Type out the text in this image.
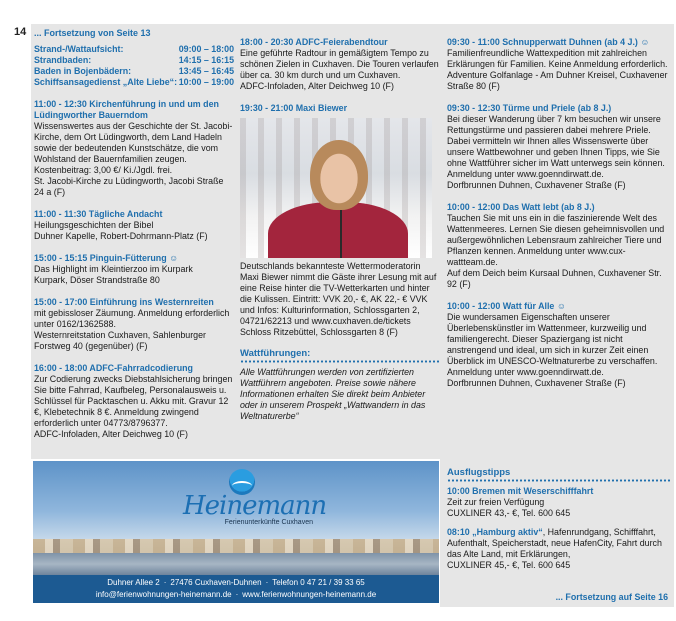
14 ... Fortsetzung von Seite 13
Strand-/Wattaufsicht:	09:00 – 18:00
Strandbaden:	14:15 – 16:15
Baden in Bojenbädern:	13:45 – 16:45
Schiffsansagedienst „Alte Liebe“: 10:00 – 19:00
11:00 - 12:30 Kirchenführung in und um den Lüdingworther Bauerndom
Wissenswertes aus der Geschichte der St. Jacobi-Kirche, dem Ort Lüdingworth, dem Land Hadeln sowie der bedeutenden Kunstschätze, die vom Wohlstand der Bauernfamilien zeugen. Kostenbeitrag: 3,00 €/ Ki./Jgdl. frei.
St. Jacobi-Kirche zu Lüdingworth, Jacobi Straße 24 a (F)
11:00 - 11:30 Tägliche Andacht
Heilungsgeschichten der Bibel
Duhner Kapelle, Robert-Dohrmann-Platz (F)
15:00 - 15:15 Pinguin-Fütterung ☺
Das Highlight im Kleintierzoo im Kurpark
Kurpark, Döser Strandstraße 80
15:00 - 17:00 Einführung ins Westernreiten
mit gebissloser Zäumung. Anmeldung erforderlich unter 0162/1362588.
Westernreitstation Cuxhaven, Sahlenburger Forstweg 40 (gegenüber) (F)
16:00 - 18:00 ADFC-Fahrradcodierung
Zur Codierung zwecks Diebstahlsicherung bringen Sie bitte Fahrrad, Kaufbeleg, Personalausweis u. Schlüssel für Packtaschen u. Akku mit. Gravur 12 €, Klebetechnik 8 €. Anmeldung zwingend erforderlich unter 04773/8796377.
ADFC-Infoladen, Alter Deichweg 10 (F)
18:00 - 20:30 ADFC-Feierabendtour
Eine geführte Radtour in gemäßigtem Tempo zu schönen Zielen in Cuxhaven. Die Touren verlaufen über ca. 30 km durch und um Cuxhaven.
ADFC-Infoladen, Alter Deichweg 10 (F)
19:30 - 21:00 Maxi Biewer
Deutschlands bekannteste Wettermoderatorin Maxi Biewer nimmt die Gäste ihrer Lesung mit auf eine Reise hinter die TV-Wetterkarten und hinter die Kulissen. Eintritt: VVK 20,- €, AK 22,- € VVK und Infos: Kulturinformation, Schlossgarten 2, 04721/62213 und www.cuxhaven.de/tickets
Schloss Ritzebüttel, Schlossgarten 8 (F)
Wattführungen:
Alle Wattführungen werden von zertifizierten Wattführern angeboten. Preise sowie nähere Informationen erhalten Sie direkt beim Anbieter oder in unserem Prospekt „Wattwandern in das Weltnaturerbe“
09:30 - 11:00 Schnupperwatt Duhnen (ab 4 J.) ☺
Familienfreundliche Wattexpedition mit zahlreichen Erklärungen für Familien. Keine Anmeldung erforderlich.
Adventure Golfanlage - Am Duhner Kreisel, Cuxhavener Straße 80 (F)
09:30 - 12:30 Türme und Priele (ab 8 J.)
Bei dieser Wanderung über 7 km besuchen wir unsere Rettungstürme und passieren dabei mehrere Priele. Dabei vermitteln wir Ihnen alles Wissenswerte über unsere Wattbewohner und geben Ihnen Tipps, wie Sie ohne Wattführer sicher im Watt unterwegs sein können. Anmeldung unter www.goenndirwatt.de.
Dorfbrunnen Duhnen, Cuxhavener Straße (F)
10:00 - 12:00 Das Watt lebt (ab 8 J.)
Tauchen Sie mit uns ein in die faszinierende Welt des Wattenmeeres. Lernen Sie diesen geheimnisvollen und außergewöhnlichen Lebensraum zahlreicher Tiere und Pflanzen kennen. Anmeldung unter www.cux-wattteam.de.
Auf dem Deich beim Kursaal Duhnen, Cuxhavener Str. 92 (F)
10:00 - 12:00 Watt für Alle ☺
Die wundersamen Eigenschaften unserer Überlebenskünstler im Wattenmeer, kurzweilig und familiengerecht. Dieser Spaziergang ist nicht anstrengend und ideal, um sich in kurzer Zeit einen Überblick im UNESCO-Weltnaturerbe zu verschaffen. Anmeldung unter www.goenndirwatt.de.
Dorfbrunnen Duhnen, Cuxhavener Straße (F)
Heinemann
Ferienunterkünfte Cuxhaven
Duhner Allee 2 · 27476 Cuxhaven-Duhnen · Telefon 0 47 21 / 39 33 65
info@ferienwohnungen-heinemann.de · www.ferienwohnungen-heinemann.de
Ausflugstipps
10:00 Bremen mit Weserschifffahrt
Zeit zur freien Verfügung
CUXLINER 43,- €, Tel. 600 645
08:10 „Hamburg aktiv“, Hafenrundgang, Schifffahrt, Aufenthalt, Speicherstadt, neue HafenCity, Fahrt durch das Alte Land, mit Erklärungen,
CUXLINER 45,- €, Tel. 600 645
... Fortsetzung auf Seite 16
